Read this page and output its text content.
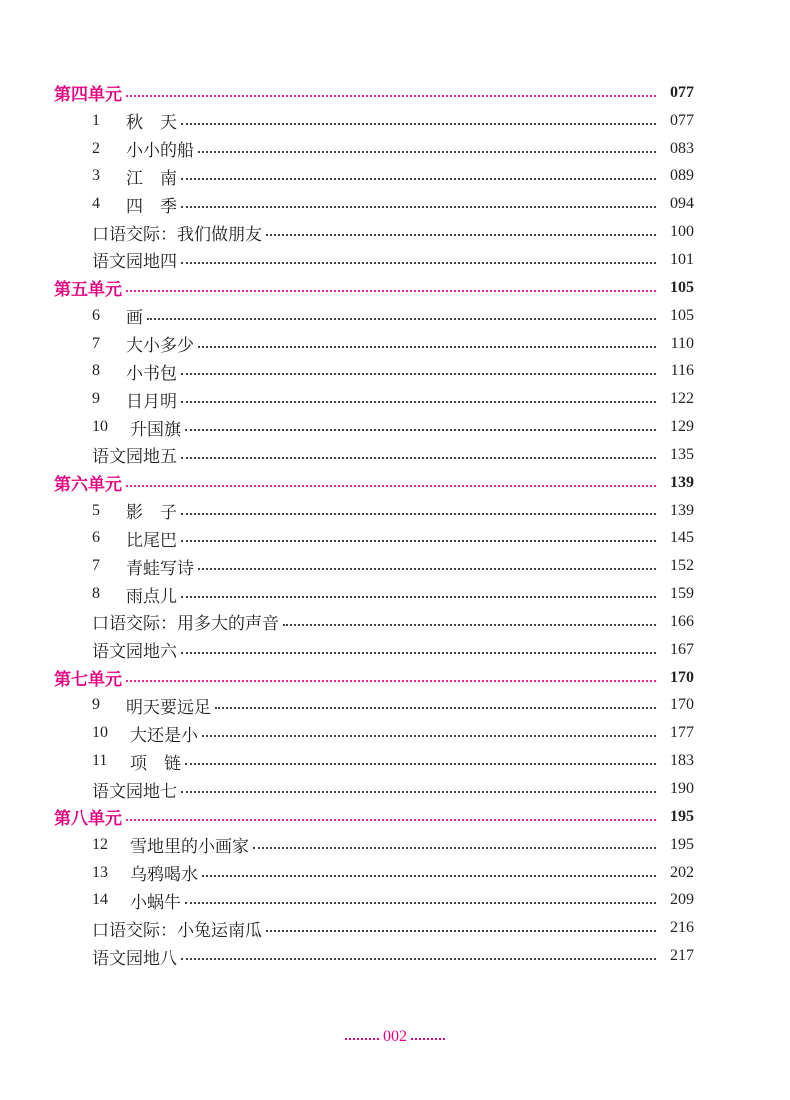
第四单元	077
1	秋　天	077
2	小小的船	083
3	江　南	089
4	四　季	094
口语交际：我们做朋友	100
语文园地四	101
第五单元	105
6	画	105
7	大小多少	110
8	小书包	116
9	日月明	122
10	升国旗	129
语文园地五	135
第六单元	139
5	影　子	139
6	比尾巴	145
7	青蛙写诗	152
8	雨点儿	159
口语交际：用多大的声音	166
语文园地六	167
第七单元	170
9	明天要远足	170
10	大还是小	177
11	项　链	183
语文园地七	190
第八单元	195
12	雪地里的小画家	195
13	乌鸦喝水	202
14	小蜗牛	209
口语交际：小兔运南瓜	216
语文园地八	217
002
